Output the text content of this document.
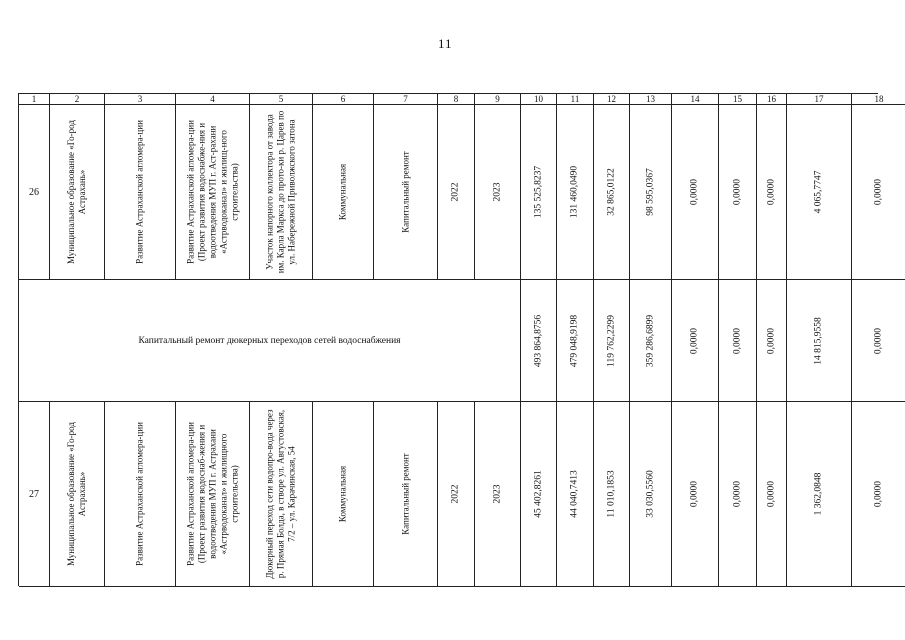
11
1	2	3	4	5	6	7	8	9	10	11	12	13	14	15	16	17	18
26	Муниципальное образование «Го-род Астрахань»	Развитие Астраханской агломера-ции	Развитие Астраханской агломера-ции (Проект развития водоснабже-ния и водоотведения МУП г. Аст-рахани «Астрводоканал» и жилищ-ного строительства)	Участок напорного коллектора от завода им. Карла Маркса до прото-ки р. Царев по ул. Набережной Приволжского затона	Коммунальная	Капитальный ремонт	2022	2023	135 525,8237	131 460,0490	32 865,0122	98 595,0367	0,0000	0,0000	0,0000	4 065,7747	0,0000
Капитальный ремонт дюкерных переходов сетей водоснабжения	493 864,8756	479 048,9198	119 762,2299	359 286,6899	0,0000	0,0000	0,0000	14 815,9558	0,0000
27	Муниципальное образование «Го-род Астрахань»	Развитие Астраханской агломера-ции	Развитие Астраханской агломера-ции (Проект развития водоснаб-жения и водоотведения МУП г. Астрахани «Астрводоканал» и жилищного строительства)	Дюкерный переход сети водопро-вода через р. Прямая Болда, в створе ул. Августовская, 7/2 – ул. Карачинская, 54	Коммунальная	Капитальный ремонт	2022	2023	45 402,8261	44 040,7413	11 010,1853	33 030,5560	0,0000	0,0000	0,0000	1 362,0848	0,0000
